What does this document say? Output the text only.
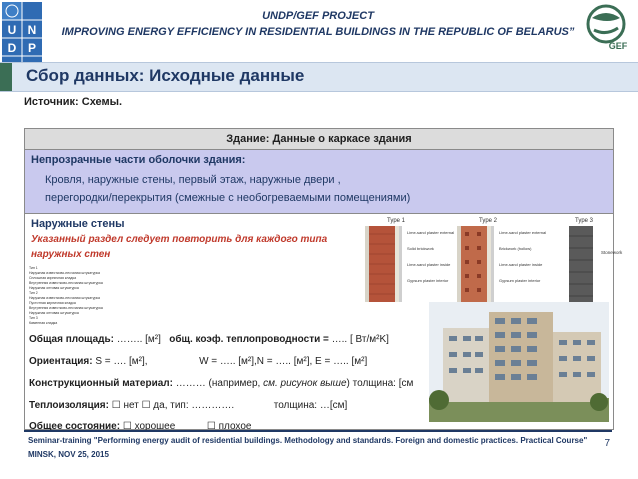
U N
D P
UNDP/GEF PROJECT
IMPROVING ENERGY EFFICIENCY IN RESIDENTIAL BUILDINGS IN THE REPUBLIC OF BELARUS”
GEF
Сбор данных: Исходные данные
Источник: Схемы.
Здание: Данные о каркасе здания
Непрозрачные части оболочки здания:
Кровля, наружные стены, первый этаж, наружные двери ,
перегородки/перекрытия (смежные с необогреваемыми помещениями)
Наружные стены
Указанный раздел следует повторить для каждого типа
наружных стен
Тип 1
Наружная известково-песчаная штукатурка
Сплошная кирпичная кладка
Внутренняя известково-песчаная штукатурка
Наружная оптовая штукатурка
Тип 2
Наружная известково-песчаная штукатурка
Пустотная кирпичная кладка
Внутренняя известково-песчаная штукатурка
Наружная оптовая штукатурка
Тип 3
Каменная кладка
Type 1	Type 2	Type 3
Lime-sand plaster external
Solid brickwork
Lime-sand plaster inside
Gypsum plaster interior
Lime-sand plaster external
Brickwork (hollow)
Lime-sand plaster inside
Gypsum plaster interior
Stonework
Общая площадь: …….. [м²] общ. коэф. теплопроводности = ….. [ Вт/м²K]
Ориентация: S = …. [м²],	W = ….. [м²],N = ….. [м²], E = ….. [м²]
Конструкционный материал: ……… (например, см. рисунок выше) толщина: [см
Теплоизоляция: ☐ нет ☐ да, тип: ………….	толщина: …[см]
Общее состояние: ☐ хорошее	☐ плохое
Seminar-training "Performing energy audit of residential buildings. Methodology and standards. Foreign and domestic practices. Practical Course"
MINSK, NOV 25, 2015
7
